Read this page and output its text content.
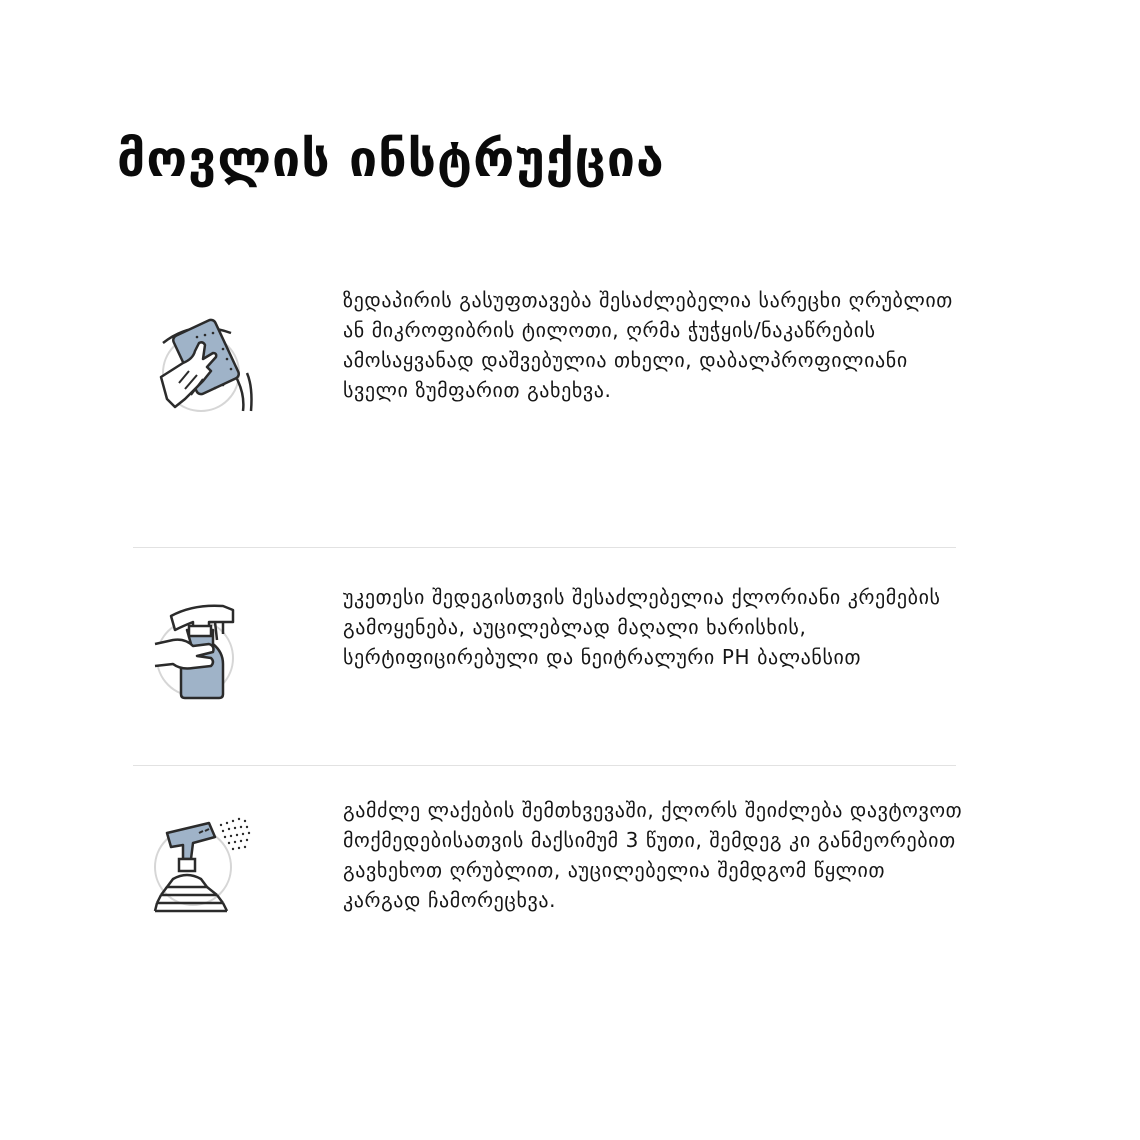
მოვლის ინსტრუქცია

ზედაპირის გასუფთავება შესაძლებელია სარეცხი ღრუბლით ან მიკროფიბრის ტილოთი, ღრმა ჭუჭყის/ნაკაწრების ამოსაყვანად დაშვებულია თხელი, დაბალპროფილიანი სველი ზუმფარით გახეხვა.

უკეთესი შედეგისთვის შესაძლებელია ქლორიანი კრემების გამოყენება, აუცილებლად მაღალი ხარისხის, სერტიფიცირებული და ნეიტრალური PH ბალანსით

გამძლე ლაქების შემთხვევაში, ქლორს შეიძლება დავტოვოთ მოქმედებისათვის მაქსიმუმ 3 წუთი, შემდეგ კი განმეორებით გავხეხოთ ღრუბლით, აუცილებელია შემდგომ წყლით კარგად ჩამორეცხვა.
